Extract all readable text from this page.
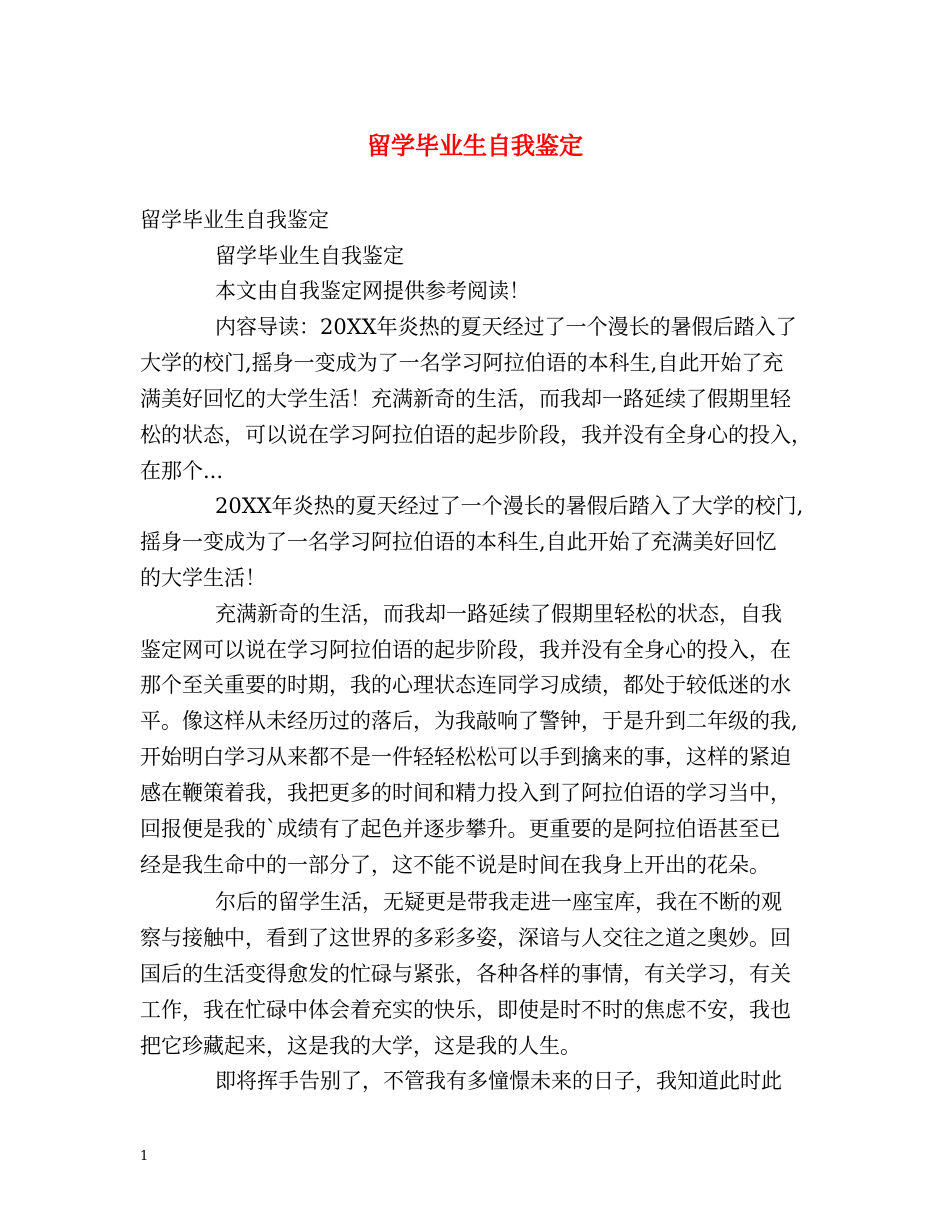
留学毕业生自我鉴定
留学毕业生自我鉴定
留学毕业生自我鉴定
本文由自我鉴定网提供参考阅读！
内容导读：20XX年炎热的夏天经过了一个漫长的暑假后踏入了
大学的校门,摇身一变成为了一名学习阿拉伯语的本科生,自此开始了充
满美好回忆的大学生活！充满新奇的生活，而我却一路延续了假期里轻
松的状态，可以说在学习阿拉伯语的起步阶段，我并没有全身心的投入，
在那个...
20XX年炎热的夏天经过了一个漫长的暑假后踏入了大学的校门,
摇身一变成为了一名学习阿拉伯语的本科生,自此开始了充满美好回忆
的大学生活！
充满新奇的生活，而我却一路延续了假期里轻松的状态，自我
鉴定网可以说在学习阿拉伯语的起步阶段，我并没有全身心的投入，在
那个至关重要的时期，我的心理状态连同学习成绩，都处于较低迷的水
平。像这样从未经历过的落后，为我敲响了警钟，于是升到二年级的我,
开始明白学习从来都不是一件轻轻松松可以手到擒来的事，这样的紧迫
感在鞭策着我，我把更多的时间和精力投入到了阿拉伯语的学习当中，
回报便是我的`成绩有了起色并逐步攀升。更重要的是阿拉伯语甚至已
经是我生命中的一部分了，这不能不说是时间在我身上开出的花朵。
尔后的留学生活，无疑更是带我走进一座宝库，我在不断的观
察与接触中，看到了这世界的多彩多姿，深谙与人交往之道之奥妙。回
国后的生活变得愈发的忙碌与紧张，各种各样的事情，有关学习，有关
工作，我在忙碌中体会着充实的快乐，即使是时不时的焦虑不安，我也
把它珍藏起来，这是我的大学，这是我的人生。
即将挥手告别了，不管我有多憧憬未来的日子，我知道此时此
1
